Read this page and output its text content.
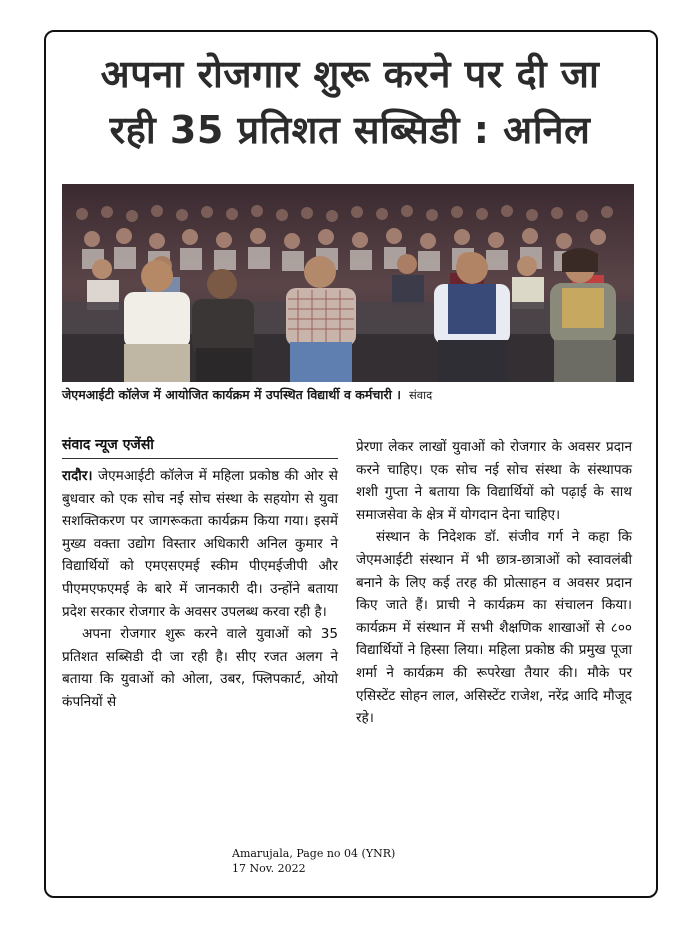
अपना रोजगार शुरू करने पर दी जा
रही 35 प्रतिशत सब्सिडी : अनिल
जेएमआईटी कॉलेज में आयोजित कार्यक्रम में उपस्थित विद्यार्थी व कर्मचारी । संवाद
संवाद न्यूज एजेंसी

रादौर। जेएमआईटी कॉलेज में महिला प्रकोष्ठ की ओर से बुधवार को एक सोच नई सोच संस्था के सहयोग से युवा सशक्तिकरण पर जागरूकता कार्यक्रम किया गया। इसमें मुख्य वक्ता उद्योग विस्तार अधिकारी अनिल कुमार ने विद्यार्थियों को एमएसएमई स्कीम पीएमईजीपी और पीएमएफएमई के बारे में जानकारी दी। उन्होंने बताया प्रदेश सरकार रोजगार के अवसर उपलब्ध करवा रही है।

अपना रोजगार शुरू करने वाले युवाओं को 35 प्रतिशत सब्सिडी दी जा रही है। सीए रजत अलग ने बताया कि युवाओं को ओला, उबर, फ्लिपकार्ट, ओयो कंपनियों से

प्रेरणा लेकर लाखों युवाओं को रोजगार के अवसर प्रदान करने चाहिए। एक सोच नई सोच संस्था के संस्थापक शशी गुप्ता ने बताया कि विद्यार्थियों को पढ़ाई के साथ समाजसेवा के क्षेत्र में योगदान देना चाहिए।

संस्थान के निदेशक डॉ. संजीव गर्ग ने कहा कि जेएमआईटी संस्थान में भी छात्र-छात्राओं को स्वावलंबी बनाने के लिए कई तरह की प्रोत्साहन व अवसर प्रदान किए जाते हैं। प्राची ने कार्यक्रम का संचालन किया। कार्यक्रम में संस्थान में सभी शैक्षणिक शाखाओं से ८०० विद्यार्थियों ने हिस्सा लिया। महिला प्रकोष्ठ की प्रमुख पूजा शर्मा ने कार्यक्रम की रूपरेखा तैयार की। मौके पर एसिस्टेंट सोहन लाल, असिस्टेंट राजेश, नरेंद्र आदि मौजूद रहे।

Amarujala, Page no 04 (YNR)
17 Nov. 2022
